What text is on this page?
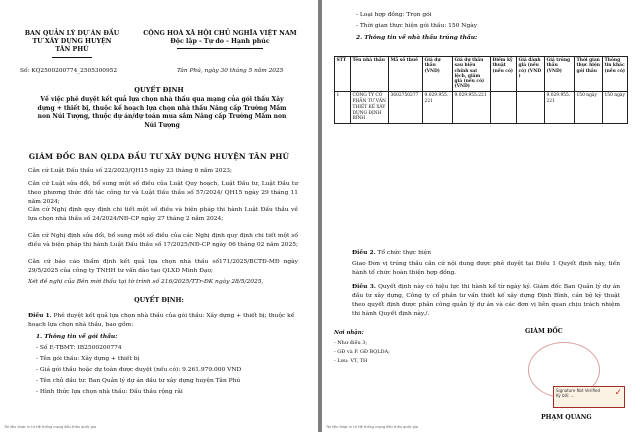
BAN QUẢN LÝ DỰ ÁN ĐẦU
TƯ XÂY DỰNG HUYỆN
TÂN PHÚ
CỘNG HOÀ XÃ HỘI CHỦ NGHĨA VIỆT NAM
Độc lập - Tự do - Hạnh phúc
Số: KQ2500200774_2505300952	Tân Phú, ngày 30 tháng 5 năm 2025
QUYẾT ĐỊNH
Về việc phê duyệt kết quả lựa chọn nhà thầu qua mạng của gói thầu Xây dựng + thiết bị, thuộc kế hoạch lựa chọn nhà thầu Nâng cấp Trường Mầm non Núi Tượng, thuộc dự án/dự toán mua sắm Nâng cấp Trường Mầm non Núi Tượng
GIÁM ĐỐC BAN QLDA ĐẦU TƯ XÂY DỰNG HUYỆN TÂN PHÚ

Căn cứ Luật Đấu thầu số 22/2023/QH15 ngày 23 tháng 6 năm 2023;

Căn cứ Luật sửa đổi, bổ sung một số điều của Luật Quy hoạch, Luật Đầu tư, Luật Đầu tư theo phương thức đối tác công tư và Luật Đấu thầu số 57/2024/ QH15 ngày 29 tháng 11 năm 2024;

Căn cứ Nghị định quy định chi tiết một số điều và biện pháp thi hành Luật Đấu thầu về lựa chọn nhà thầu số 24/2024/NĐ-CP ngày 27 tháng 2 năm 2024;

Căn cứ Nghị định sửa đổi, bổ sung một số điều của các Nghị định quy định chi tiết một số điều và biện pháp thi hành Luật Đấu thầu số 17/2025/NĐ-CP ngày 06 tháng 02 năm 2025;

Căn cứ báo cáo thẩm định kết quả lựa chọn nhà thầu số171/2025/BCTĐ-MĐ ngày 29/5/2025 của công ty TNHH tư vấn đào tạo QLXD Minh Đạo;

Xét đề nghị của Bên mời thầu tại tờ trình số 216/2025/TTr-ĐK ngày 28/5/2025,

QUYẾT ĐỊNH:

Điều 1. Phê duyệt kết quả lựa chọn nhà thầu của gói thầu: Xây dựng + thiết bị; thuộc kế hoạch lựa chọn nhà thầu, bao gồm:

1. Thông tin về gói thầu:
- Số E-TBMT: IB2500200774
- Tên gói thầu: Xây dựng + thiết bị
- Giá gói thầu hoặc dự toán được duyệt (nếu có): 9.261.979.000 VND
- Tên chủ đầu tư: Ban Quản lý dự án đầu tư xây dựng huyện Tân Phú
- Hình thức lựa chọn nhà thầu: Đấu thầu rộng rãi
Tài liệu được in từ Hệ thống mạng đấu thầu quốc gia
- Loại hợp đồng: Trọn gói
- Thời gian thực hiện gói thầu: 150 Ngày
2. Thông tin về nhà thầu trúng thầu:
STT	Tên nhà thầu	Mã số thuế	Giá dự thầu (VND)	Giá dự thầu sau hiệu chỉnh sai lệch, giảm giá (nếu có) (VND)	Điểm kỹ thuật (nếu có)	Giá đánh giá (nếu có) (VND )	Giá trúng thầu (VND)	Thời gian thực hiện gói thầu	Thông tin khác (nếu có)
1	CÔNG TY CỔ PHẦN TƯ VẤN THIẾT KẾ XÂY DỰNG ĐỊNH BÌNH	3602750277	9.029.955.221	9.029.955.221			9.029.955.221	150 ngày	150 ngày

Điều 2. Tổ chức thực hiện

Giao Đơn vị trúng thầu căn cứ nội dung được phê duyệt tại Điều 1 Quyết định này, tiến hành tổ chức hoàn thiện hợp đồng.

Điều 3. Quyết định này có hiệu lực thi hành kể từ ngày ký. Giám đốc Ban Quản lý dự án đầu tư xây dựng, Công ty cổ phần tư vấn thiết kế xây dựng Định Bình, cán bộ kỹ thuật theo quyết định được phân công quản lý dự án và các đơn vị liên quan chịu trách nhiệm thi hành Quyết định này./.

Nơi nhận:
- Như điều 3;
- GĐ và P. GĐ BQLDA;
- Lưu: VT, TH
GIÁM ĐỐC
Signature Not Verified
Ký bởi: ...	✓
PHẠM QUANG
Tài liệu được in từ Hệ thống mạng đấu thầu quốc gia
